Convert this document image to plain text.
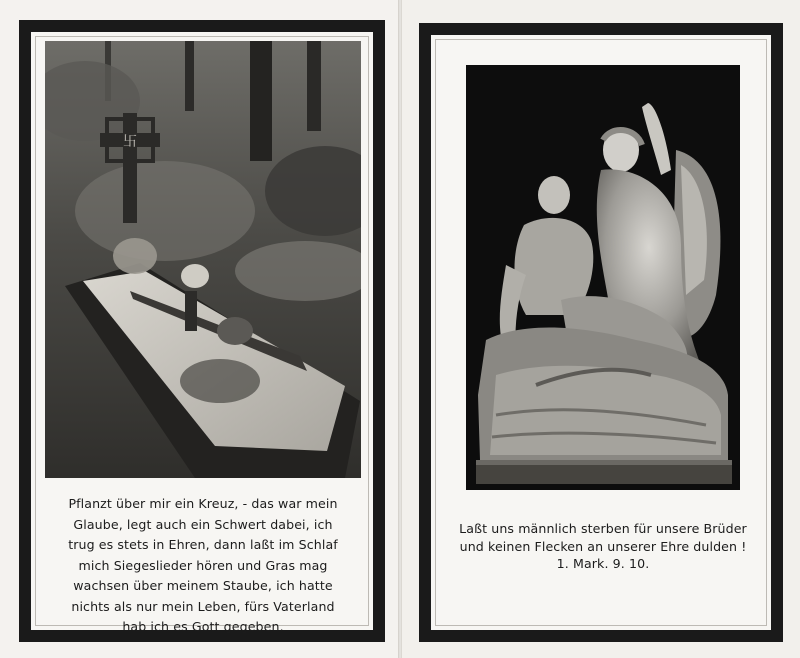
卐
Pflanzt über mir ein Kreuz, - das war mein
Glaube, legt auch ein Schwert dabei, ich
trug es stets in Ehren, dann laßt im Schlaf
mich Siegeslieder hören und Gras mag
wachsen über meinem Staube, ich hatte
nichts als nur mein Leben, fürs Vaterland
hab ich es Gott gegeben.
Laßt uns männlich sterben für unsere Brüder
und keinen Flecken an unserer Ehre dulden !
1. Mark. 9. 10.
